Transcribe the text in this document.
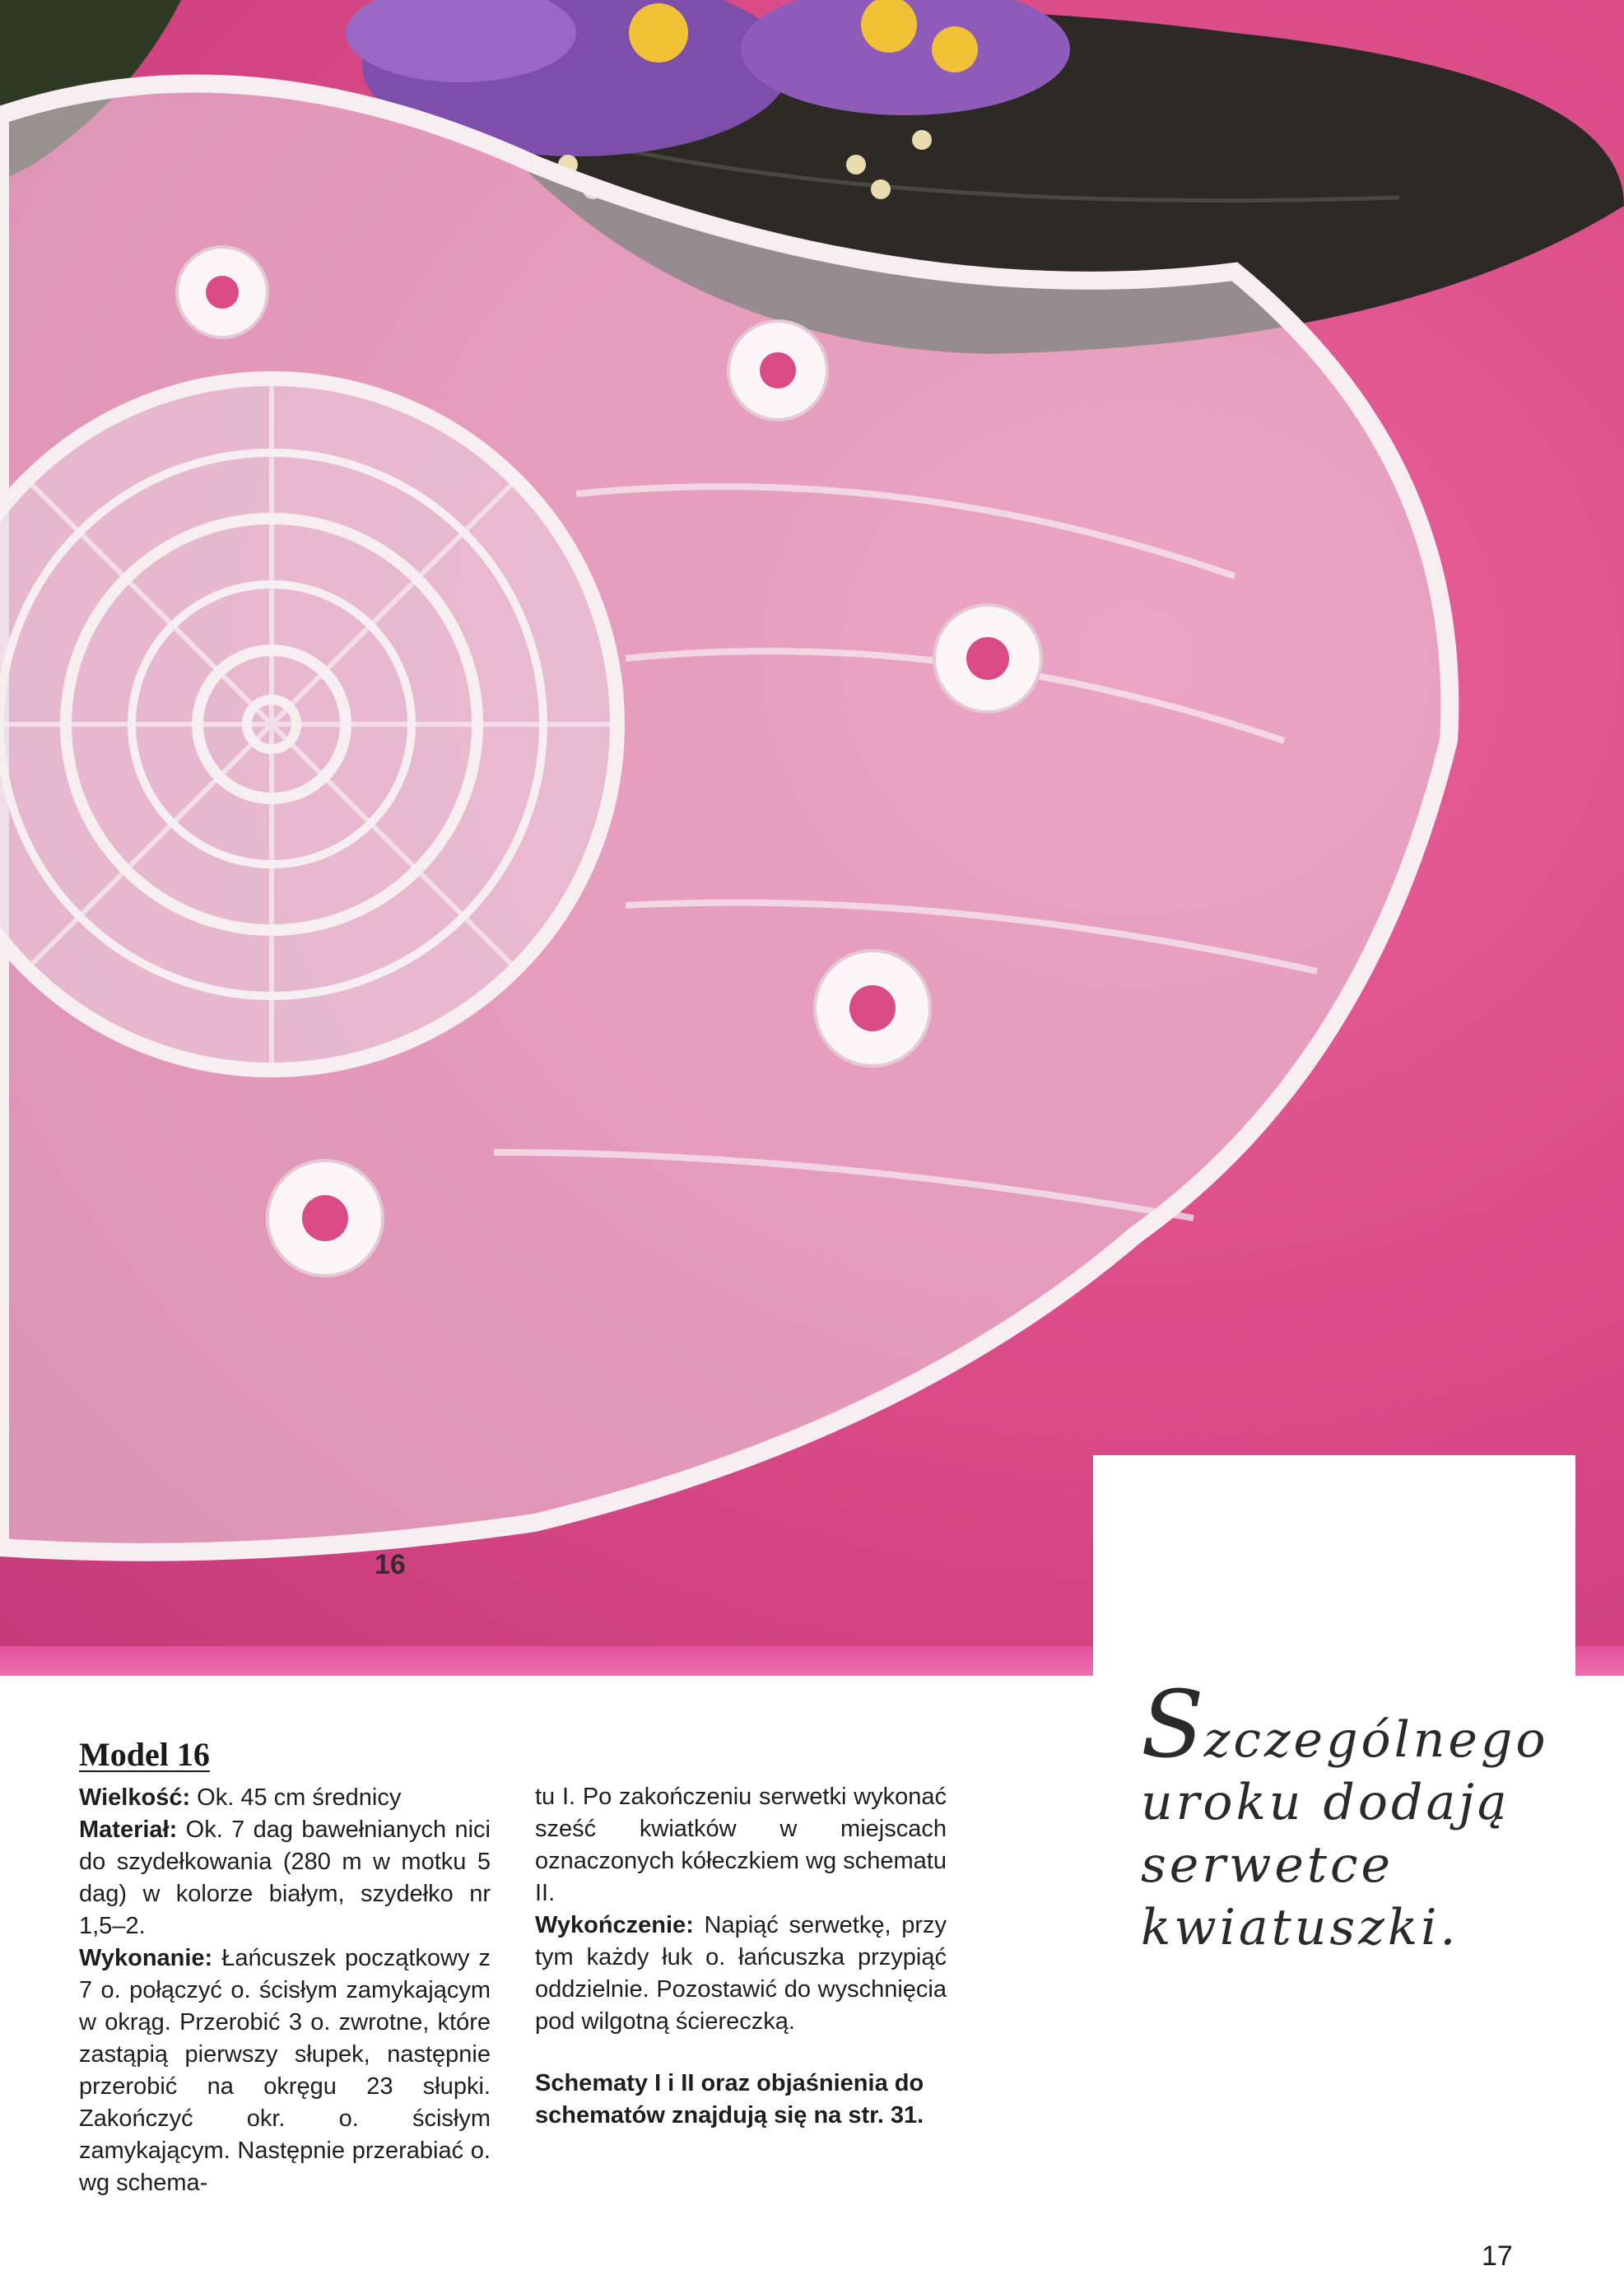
16

Szczególnego
uroku dodają
serwetce
kwiatuszki.

Model 16

Wielkość: Ok. 45 cm średnicy

Materiał: Ok. 7 dag bawełnianych nici do szydełkowania (280 m w motku 5 dag) w kolorze białym, szydełko nr 1,5–2.

Wykonanie: Łańcuszek początkowy z 7 o. połączyć o. ścisłym zamykającym w okrąg. Przerobić 3 o. zwrotne, które zastąpią pierwszy słupek, następnie przerobić na okręgu 23 słupki. Zakończyć okr. o. ścisłym zamykającym. Następnie przerabiać o. wg schema-

tu I. Po zakończeniu serwetki wykonać sześć kwiatków w miejscach oznaczonych kółeczkiem wg schematu II.

Wykończenie: Napiąć serwetkę, przy tym każdy łuk o. łańcuszka przypiąć oddzielnie. Pozostawić do wyschnięcia pod wilgotną ściereczką.

Schematy I i II oraz objaśnienia do schematów znajdują się na str. 31.

17
